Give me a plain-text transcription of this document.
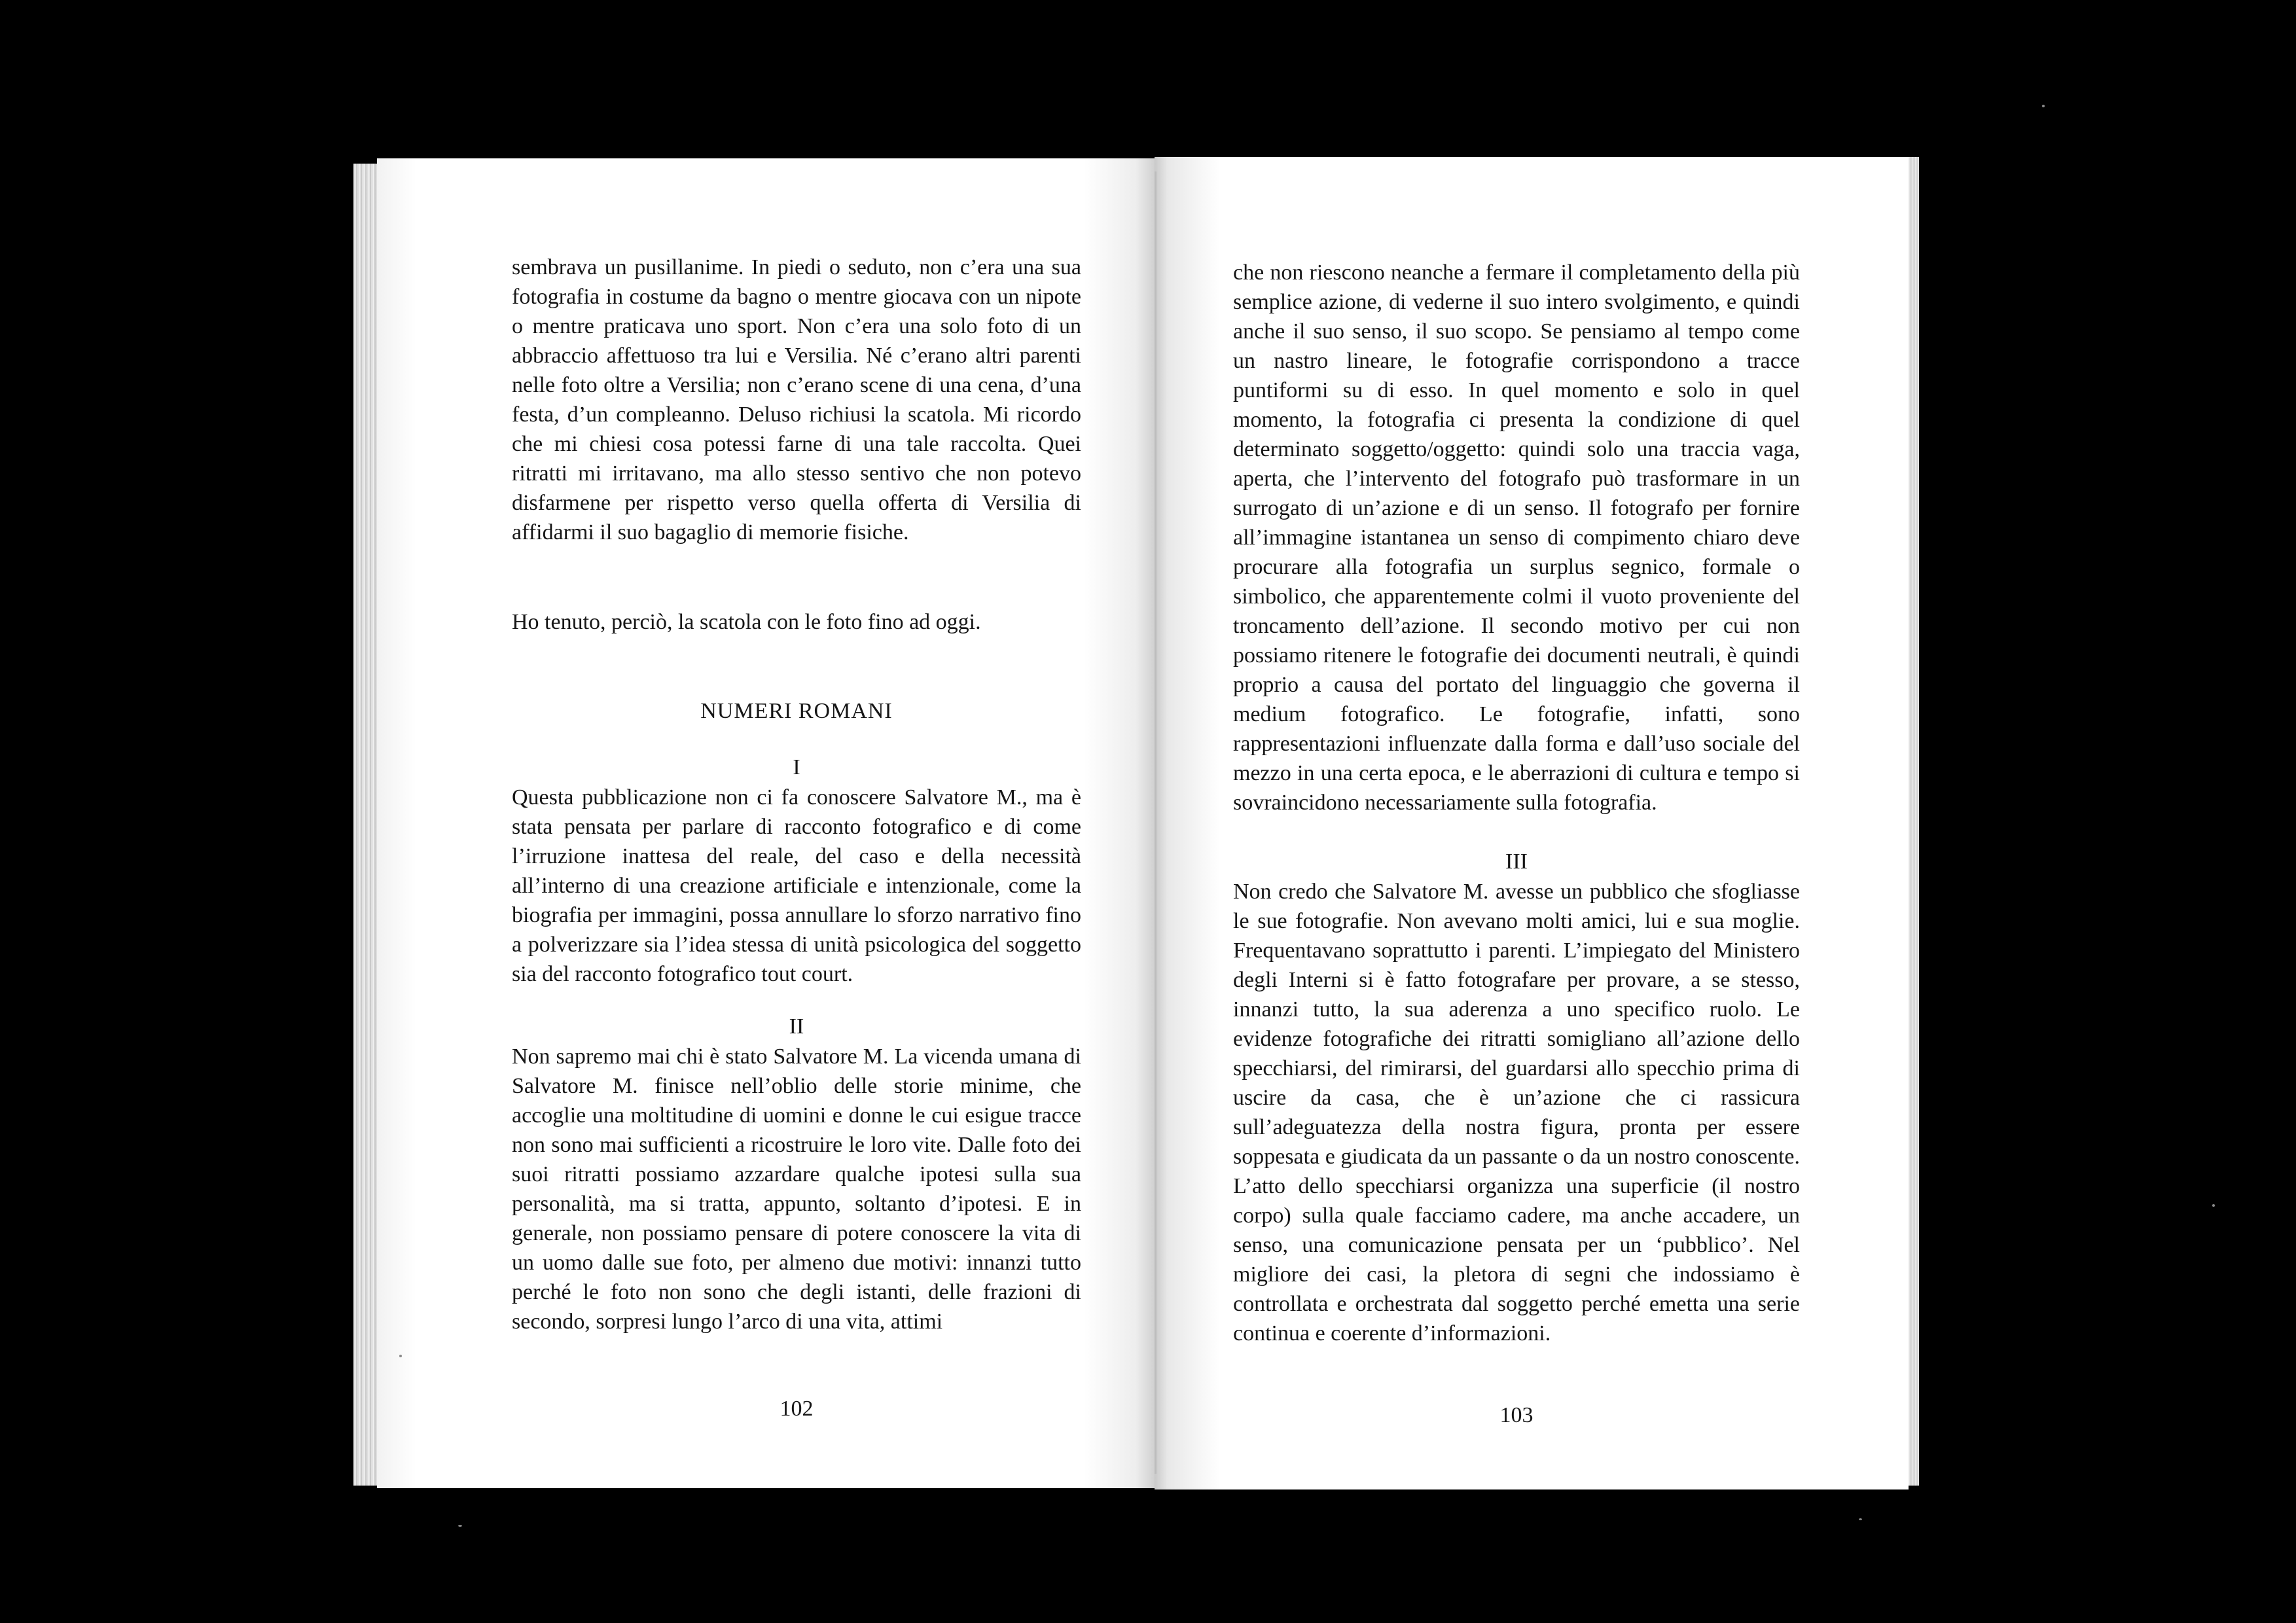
sembrava un pusillanime. In piedi o seduto, non c’era una sua fotografia in costume da bagno o mentre giocava con un nipote o mentre praticava uno sport. Non c’era una solo foto di un abbraccio affettuoso tra lui e Versilia. Né c’erano altri parenti nelle foto oltre a Versilia; non c’erano scene di una cena, d’una festa, d’un compleanno. Deluso richiusi la scatola. Mi ricordo che mi chiesi cosa potessi farne di una tale raccolta. Quei ritratti mi irritavano, ma allo stesso sentivo che non potevo disfarmene per rispetto verso quella offerta di Versilia di affidarmi il suo bagaglio di memorie fisiche.

Ho tenuto, perciò, la scatola con le foto fino ad oggi.

NUMERI ROMANI
I

Questa pubblicazione non ci fa conoscere Salvatore M., ma è stata pensata per parlare di racconto fotografico e di come l’irruzione inattesa del reale, del caso e della necessità all’interno di una creazione artificiale e intenzionale, come la biografia per immagini, possa annullare lo sforzo narrativo fino a polverizzare sia l’idea stessa di unità psicologica del soggetto sia del racconto fotografico tout court.

II

Non sapremo mai chi è stato Salvatore M. La vicenda umana di Salvatore M. finisce nell’oblio delle storie minime, che accoglie una moltitudine di uomini e donne le cui esigue tracce non sono mai sufficienti a ricostruire le loro vite. Dalle foto dei suoi ritratti possiamo azzardare qualche ipotesi sulla sua personalità, ma si tratta, appunto, soltanto d’ipotesi. E in generale, non possiamo pensare di potere conoscere la vita di un uomo dalle sue foto, per almeno due motivi: innanzi tutto perché le foto non sono che degli istanti, delle frazioni di secondo, sorpresi lungo l’arco di una vita, attimi

102

che non riescono neanche a fermare il completamento della più semplice azione, di vederne il suo intero svolgimento, e quindi anche il suo senso, il suo scopo. Se pensiamo al tempo come un nastro lineare, le fotografie corrispondono a tracce puntiformi su di esso. In quel momento e solo in quel momento, la fotografia ci presenta la condizione di quel determinato soggetto/oggetto: quindi solo una traccia vaga, aperta, che l’intervento del fotografo può trasformare in un surrogato di un’azione e di un senso. Il fotografo per fornire all’immagine istantanea un senso di compimento chiaro deve procurare alla fotografia un surplus segnico, formale o simbolico, che apparentemente colmi il vuoto proveniente del troncamento dell’azione. Il secondo motivo per cui non possiamo ritenere le fotografie dei documenti neutrali, è quindi proprio a causa del portato del linguaggio che governa il medium fotografico. Le fotografie, infatti, sono rappresentazioni influenzate dalla forma e dall’uso sociale del mezzo in una certa epoca, e le aberrazioni di cultura e tempo si sovraincidono necessariamente sulla fotografia.

III

Non credo che Salvatore M. avesse un pubblico che sfogliasse le sue fotografie. Non avevano molti amici, lui e sua moglie. Frequentavano soprattutto i parenti. L’impiegato del Ministero degli Interni si è fatto fotografare per provare, a se stesso, innanzi tutto, la sua aderenza a uno specifico ruolo. Le evidenze fotografiche dei ritratti somigliano all’azione dello specchiarsi, del rimirarsi, del guardarsi allo specchio prima di uscire da casa, che è un’azione che ci rassicura sull’adeguatezza della nostra figura, pronta per essere soppesata e giudicata da un passante o da un nostro conoscente. L’atto dello specchiarsi organizza una superficie (il nostro corpo) sulla quale facciamo cadere, ma anche accadere, un senso, una comunicazione pensata per un ‘pubblico’. Nel migliore dei casi, la pletora di segni che indossiamo è controllata e orchestrata dal soggetto perché emetta una serie continua e coerente d’informazioni.

103
